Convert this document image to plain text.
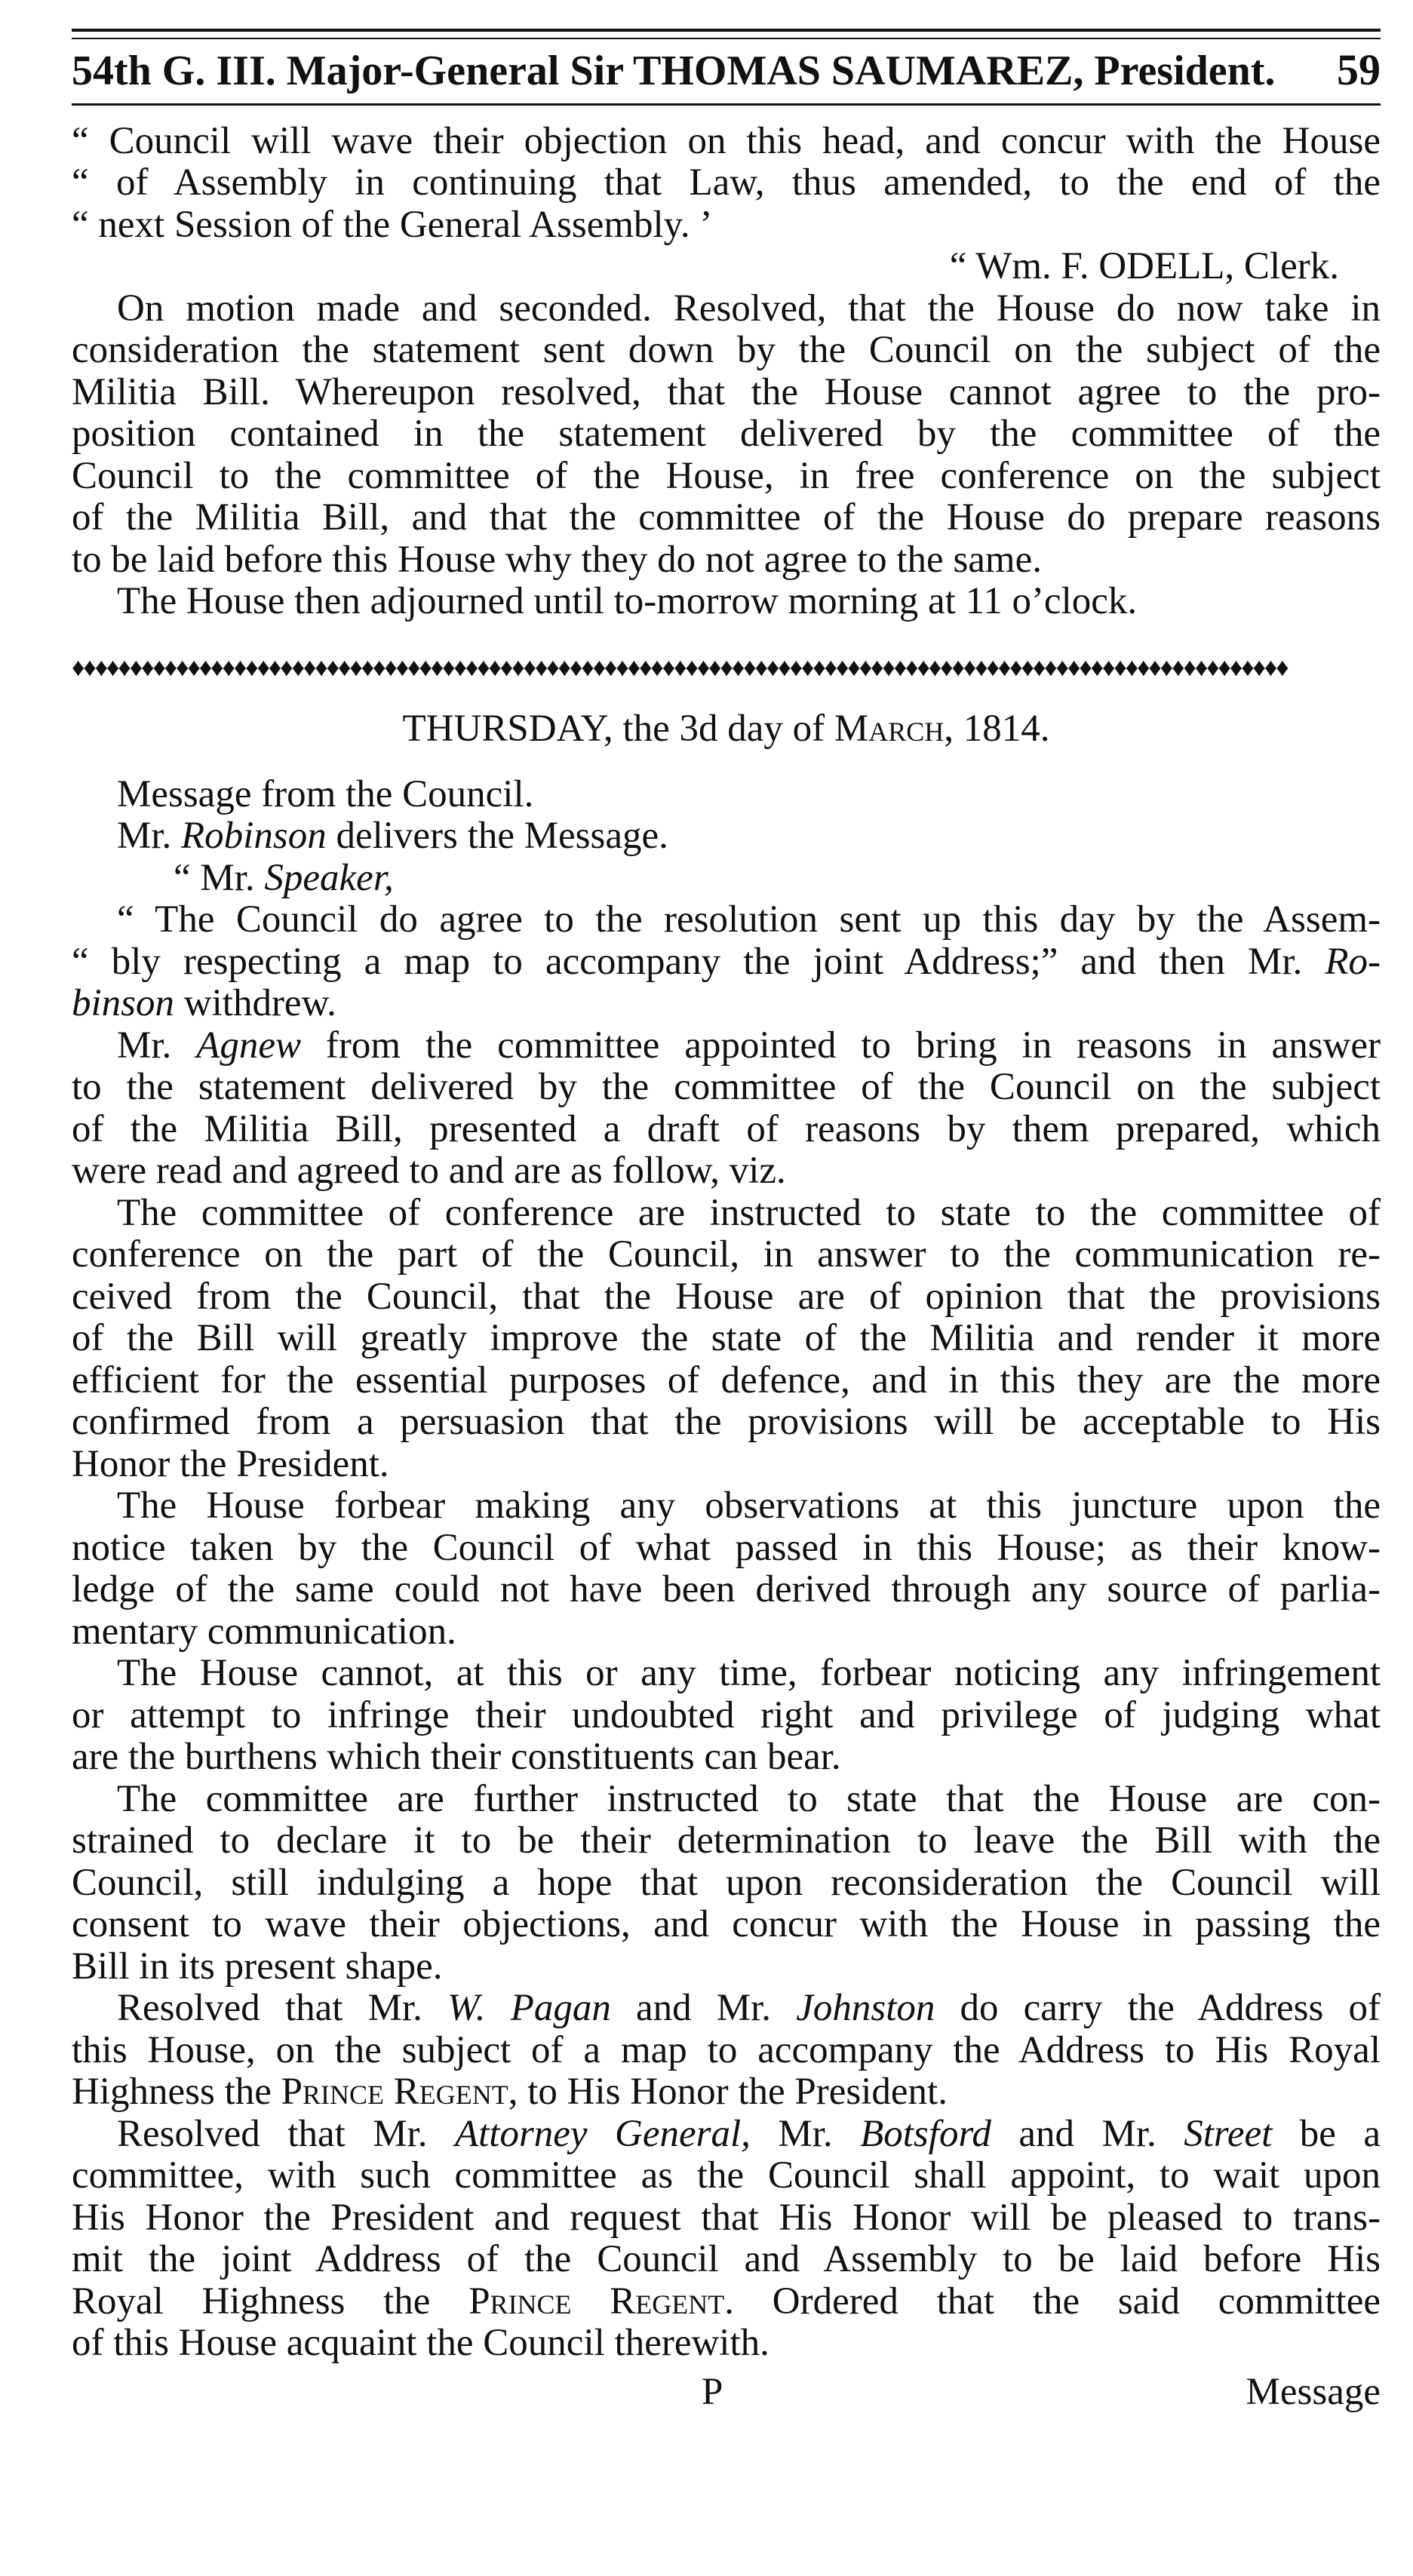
54th G. III. Major-General Sir THOMAS SAUMAREZ, President. 59
“ Council will wave their objection on this head, and concur with the House
“ of Assembly in continuing that Law, thus amended, to the end of the
“ next Session of the General Assembly. ’
“ Wm. F. ODELL, Clerk.
On motion made and seconded. Resolved, that the House do now take in
consideration the statement sent down by the Council on the subject of the
Militia Bill. Whereupon resolved, that the House cannot agree to the pro-
position contained in the statement delivered by the committee of the
Council to the committee of the House, in free conference on the subject
of the Militia Bill, and that the committee of the House do prepare reasons
to be laid before this House why they do not agree to the same.
The House then adjourned until to-morrow morning at 11 o’clock.
♦♦♦♦♦♦♦♦♦♦♦♦♦♦♦♦♦♦♦♦♦♦♦♦♦♦♦♦♦♦♦♦♦♦♦♦♦♦♦♦♦♦♦♦♦♦♦♦♦♦♦♦♦♦♦♦♦♦♦♦♦♦♦♦♦♦♦♦♦♦♦♦♦♦♦♦♦♦♦♦♦♦♦♦♦♦♦♦♦♦♦♦♦♦♦♦♦♦♦♦♦♦♦♦♦
THURSDAY, the 3d day of March, 1814.
Message from the Council.
Mr. Robinson delivers the Message.
“ Mr. Speaker,
“ The Council do agree to the resolution sent up this day by the Assem-
“ bly respecting a map to accompany the joint Address;” and then Mr. Ro-
binson withdrew.
Mr. Agnew from the committee appointed to bring in reasons in answer
to the statement delivered by the committee of the Council on the subject
of the Militia Bill, presented a draft of reasons by them prepared, which
were read and agreed to and are as follow, viz.
The committee of conference are instructed to state to the committee of
conference on the part of the Council, in answer to the communication re-
ceived from the Council, that the House are of opinion that the provisions
of the Bill will greatly improve the state of the Militia and render it more
efficient for the essential purposes of defence, and in this they are the more
confirmed from a persuasion that the provisions will be acceptable to His
Honor the President.
The House forbear making any observations at this juncture upon the
notice taken by the Council of what passed in this House; as their know-
ledge of the same could not have been derived through any source of parlia-
mentary communication.
The House cannot, at this or any time, forbear noticing any infringement
or attempt to infringe their undoubted right and privilege of judging what
are the burthens which their constituents can bear.
The committee are further instructed to state that the House are con-
strained to declare it to be their determination to leave the Bill with the
Council, still indulging a hope that upon reconsideration the Council will
consent to wave their objections, and concur with the House in passing the
Bill in its present shape.
Resolved that Mr. W. Pagan and Mr. Johnston do carry the Address of
this House, on the subject of a map to accompany the Address to His Royal
Highness the Prince Regent, to His Honor the President.
Resolved that Mr. Attorney General, Mr. Botsford and Mr. Street be a
committee, with such committee as the Council shall appoint, to wait upon
His Honor the President and request that His Honor will be pleased to trans-
mit the joint Address of the Council and Assembly to be laid before His
Royal Highness the Prince Regent. Ordered that the said committee
of this House acquaint the Council therewith.
P	Message
